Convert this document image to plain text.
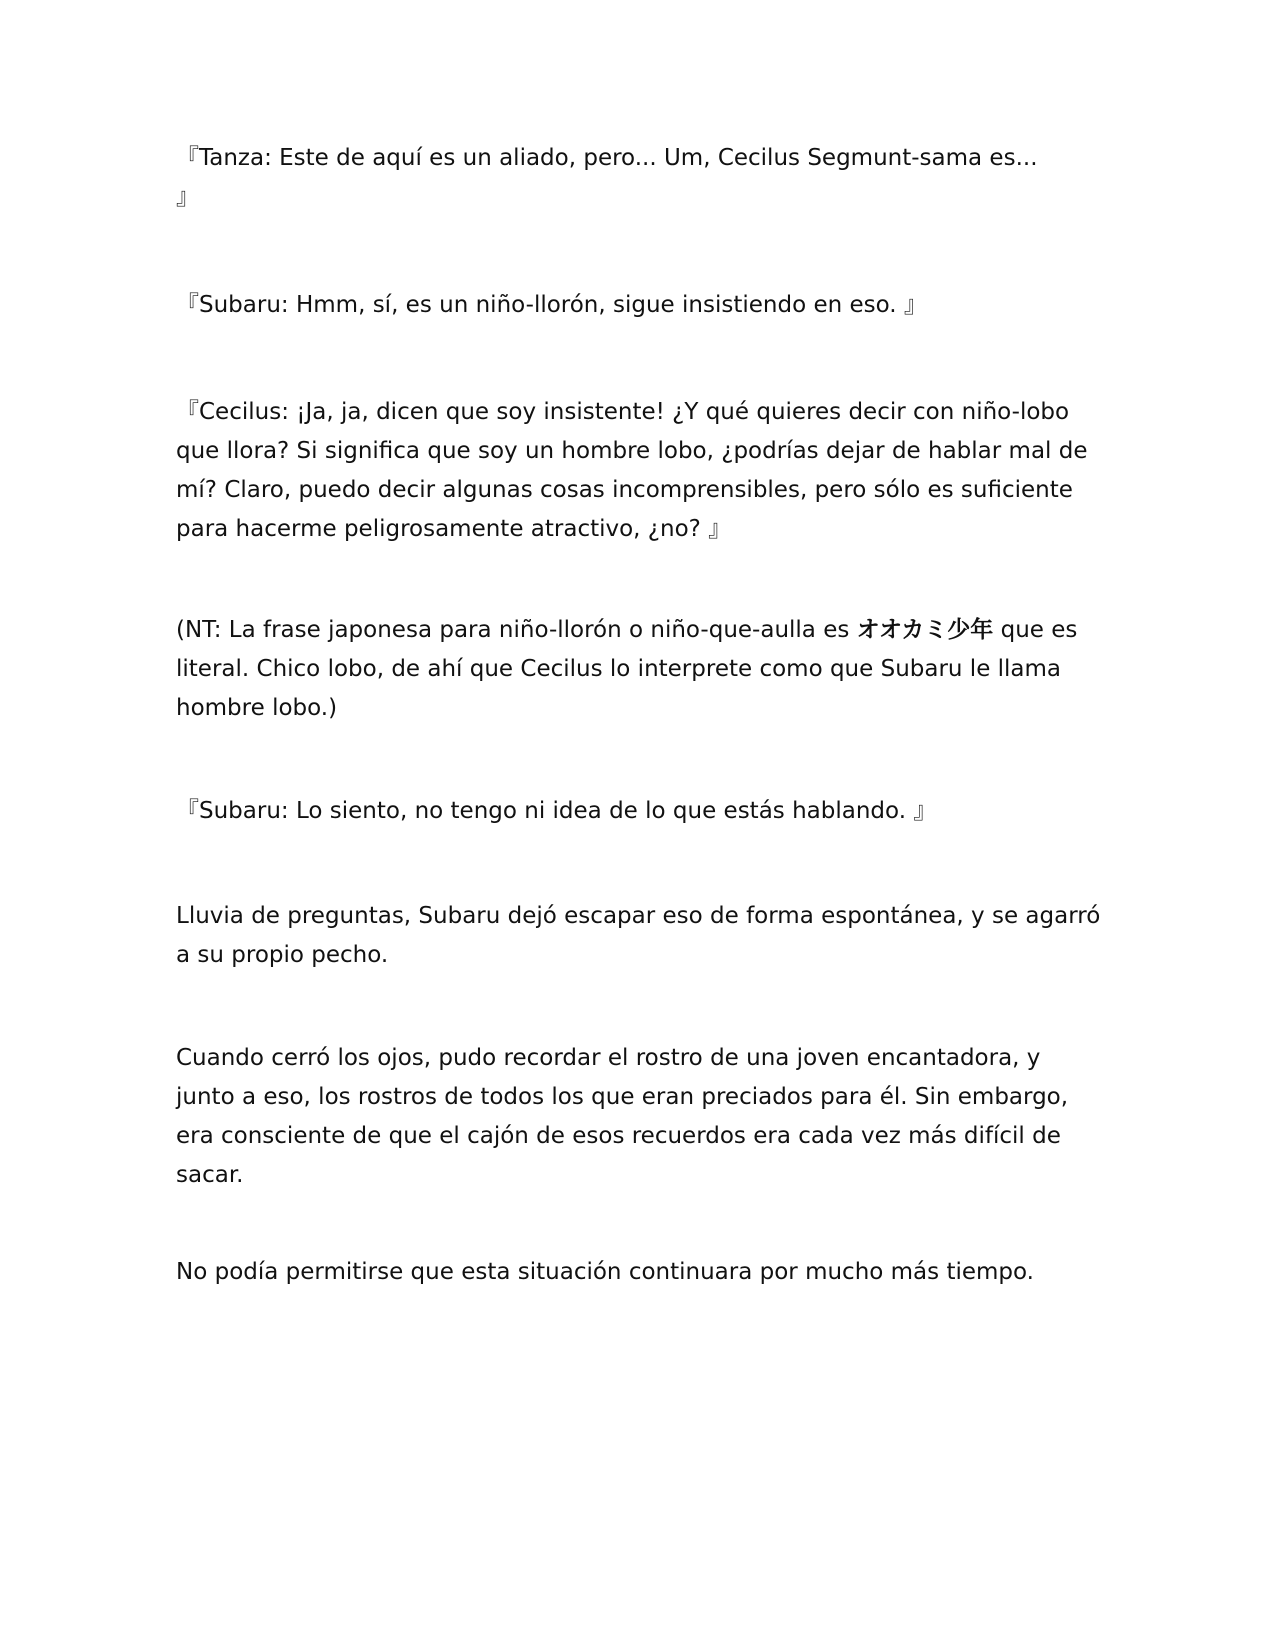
『Tanza: Este de aquí es un aliado, pero... Um, Cecilus Segmunt-sama es...
』

『Subaru: Hmm, sí, es un niño-llorón, sigue insistiendo en eso. 』

『Cecilus: ¡Ja, ja, dicen que soy insistente! ¿Y qué quieres decir con niño-lobo que llora? Si significa que soy un hombre lobo, ¿podrías dejar de hablar mal de mí? Claro, puedo decir algunas cosas incomprensibles, pero sólo es suficiente para hacerme peligrosamente atractivo, ¿no? 』

(NT: La frase japonesa para niño-llorón o niño-que-aulla es オオカミ少年 que es literal. Chico lobo, de ahí que Cecilus lo interprete como que Subaru le llama hombre lobo.)

『Subaru: Lo siento, no tengo ni idea de lo que estás hablando. 』

Lluvia de preguntas, Subaru dejó escapar eso de forma espontánea, y se agarró a su propio pecho.

Cuando cerró los ojos, pudo recordar el rostro de una joven encantadora, y junto a eso, los rostros de todos los que eran preciados para él. Sin embargo, era consciente de que el cajón de esos recuerdos era cada vez más difícil de sacar.

No podía permitirse que esta situación continuara por mucho más tiempo.
